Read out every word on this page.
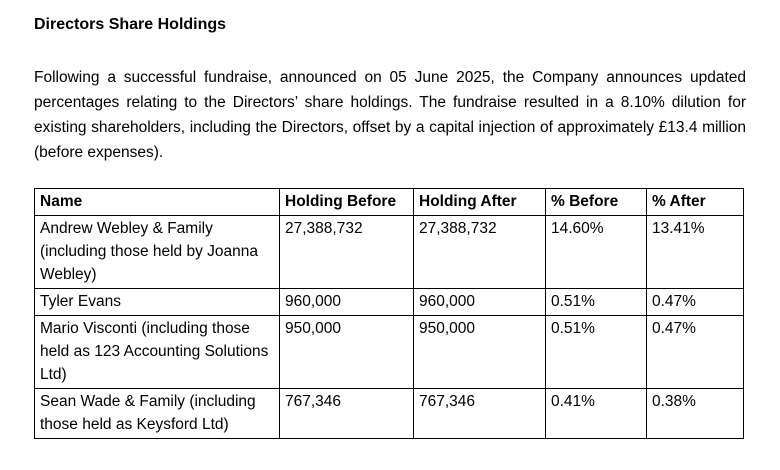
Directors Share Holdings

Following a successful fundraise, announced on 05 June 2025, the Company announces updated percentages relating to the Directors’ share holdings. The fundraise resulted in a 8.10% dilution for existing shareholders, including the Directors, offset by a capital injection of approximately £13.4 million (before expenses).

Name	Holding Before	Holding After	% Before	% After
Andrew Webley & Family (including those held by Joanna Webley)	27,388,732	27,388,732	14.60%	13.41%
Tyler Evans	960,000	960,000	0.51%	0.47%
Mario Visconti (including those held as 123 Accounting Solutions Ltd)	950,000	950,000	0.51%	0.47%
Sean Wade & Family (including those held as Keysford Ltd)	767,346	767,346	0.41%	0.38%
